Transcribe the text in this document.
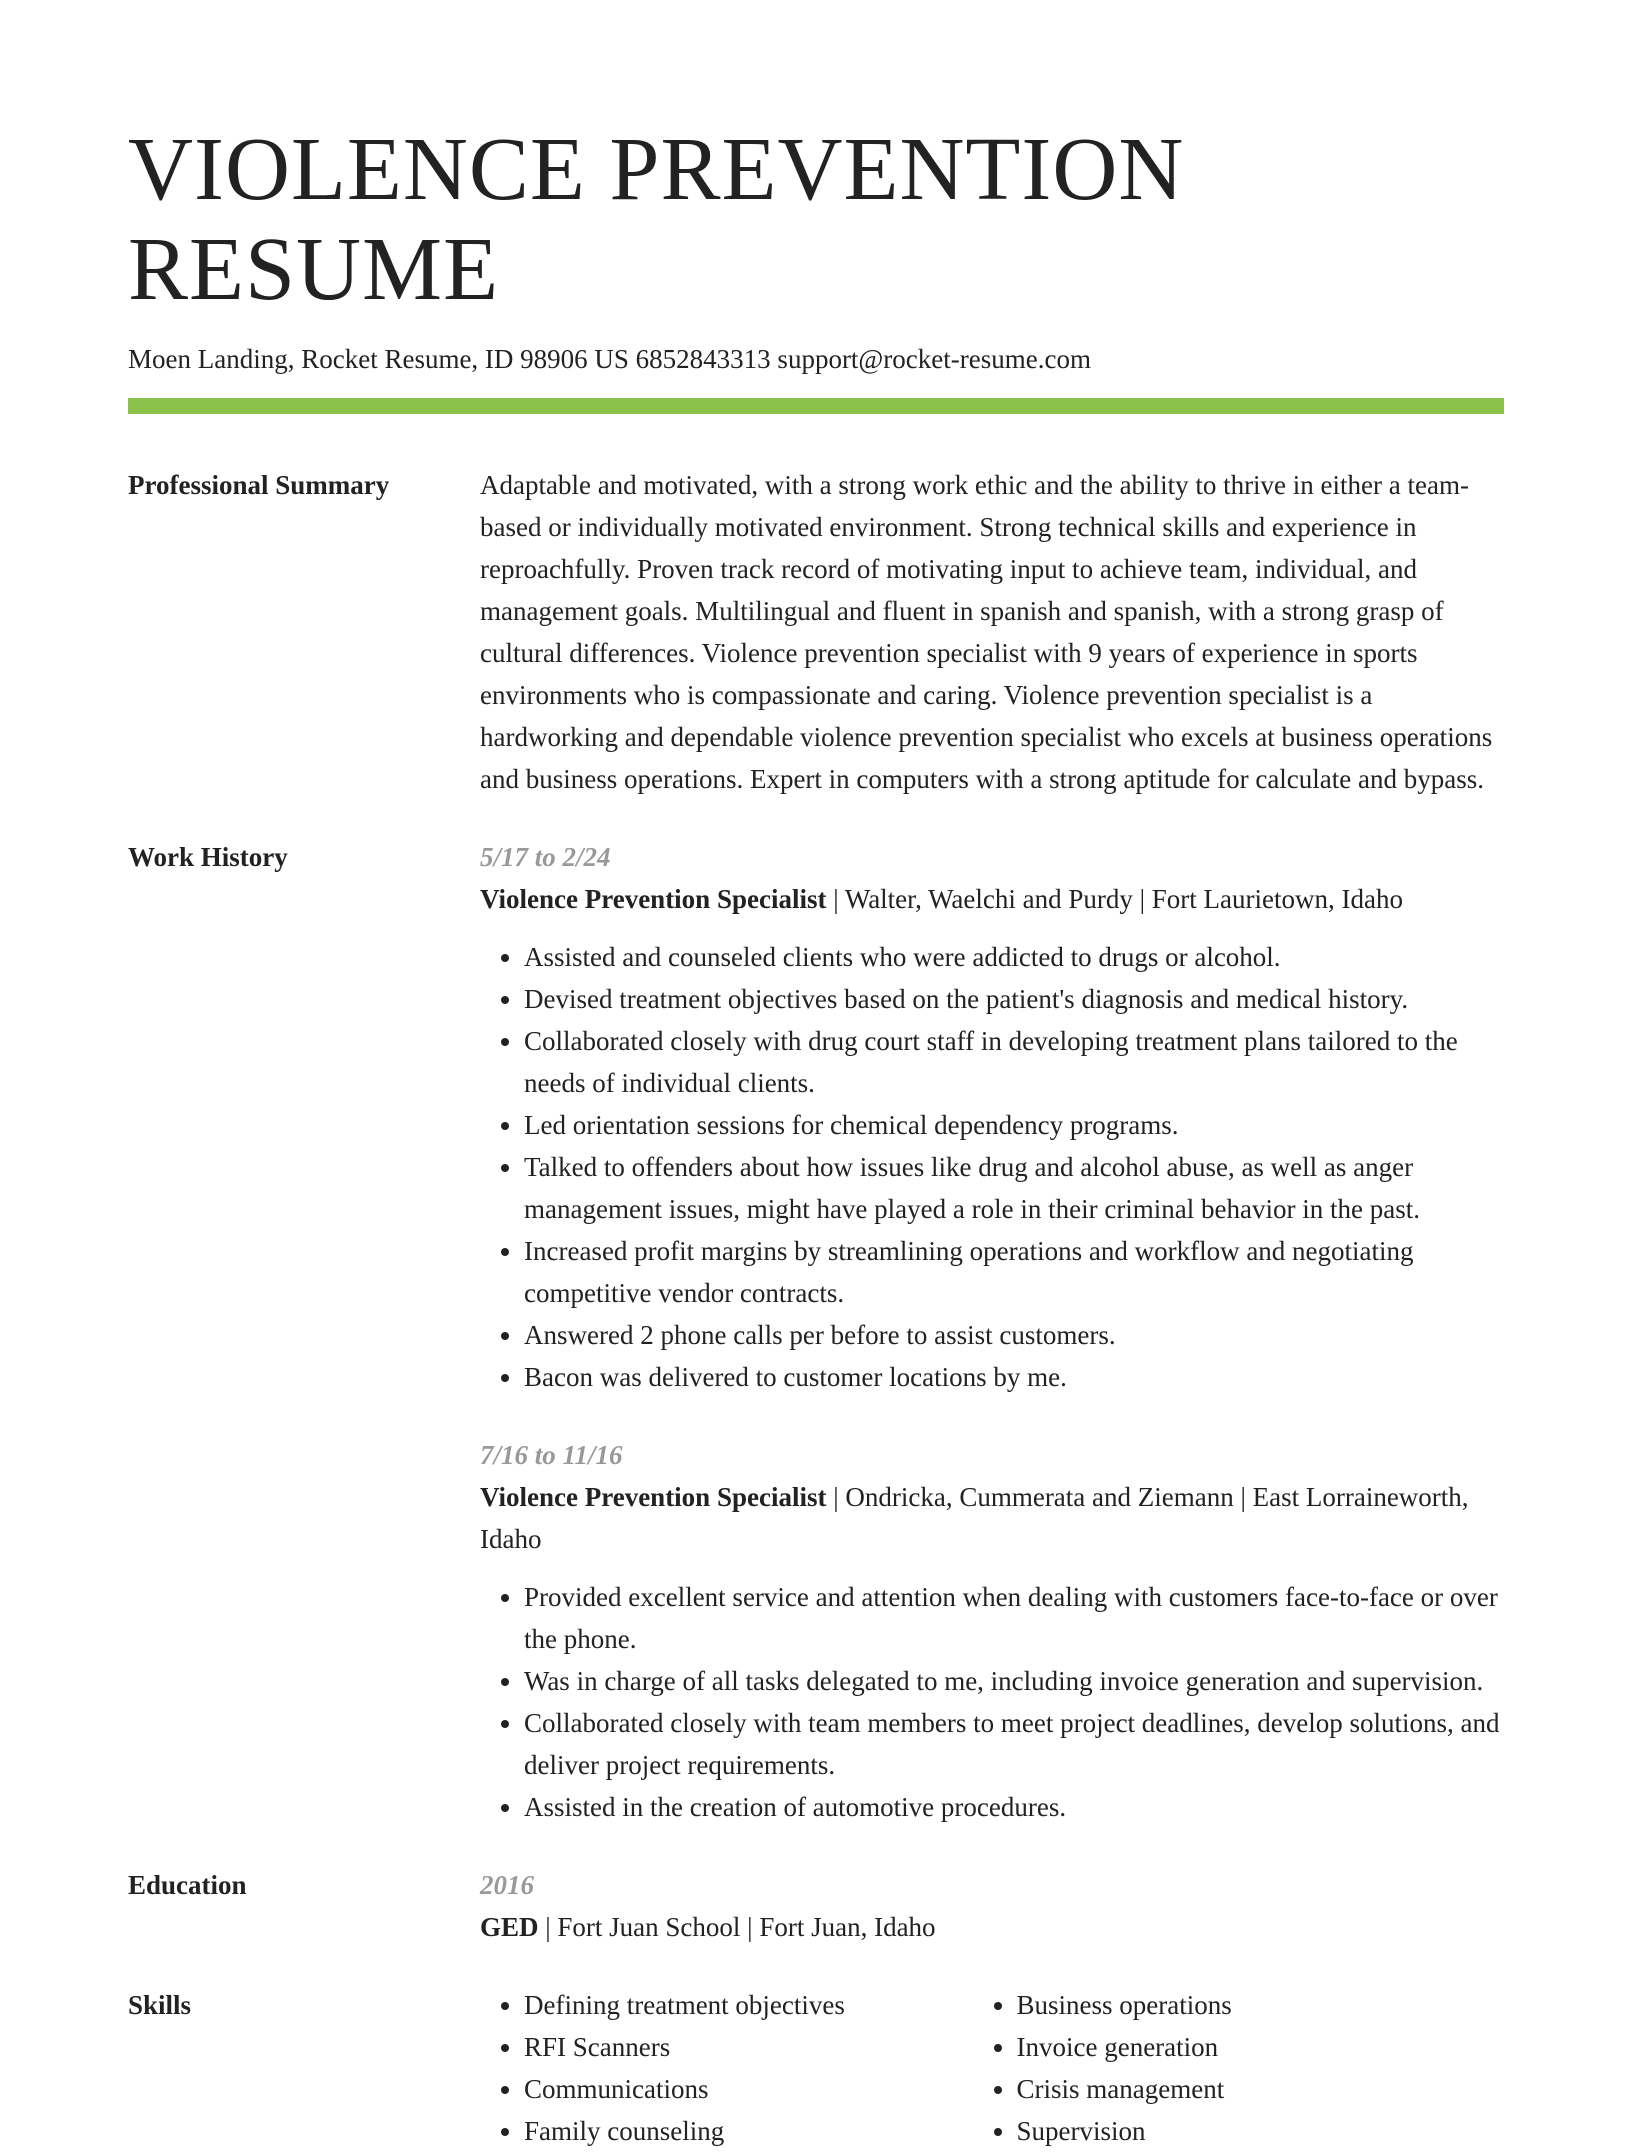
VIOLENCE PREVENTION RESUME
Moen Landing, Rocket Resume, ID 98906 US 6852843313 support@rocket-resume.com
Professional Summary	Adaptable and motivated, with a strong work ethic and the ability to thrive in either a team-based or individually motivated environment. Strong technical skills and experience in reproachfully. Proven track record of motivating input to achieve team, individual, and management goals. Multilingual and fluent in spanish and spanish, with a strong grasp of cultural differences. Violence prevention specialist with 9 years of experience in sports environments who is compassionate and caring. Violence prevention specialist is a hardworking and dependable violence prevention specialist who excels at business operations and business operations. Expert in computers with a strong aptitude for calculate and bypass.
Work History	5/17 to 2/24
Violence Prevention Specialist | Walter, Waelchi and Purdy | Fort Laurietown, Idaho
• Assisted and counseled clients who were addicted to drugs or alcohol.
• Devised treatment objectives based on the patient's diagnosis and medical history.
• Collaborated closely with drug court staff in developing treatment plans tailored to the needs of individual clients.
• Led orientation sessions for chemical dependency programs.
• Talked to offenders about how issues like drug and alcohol abuse, as well as anger management issues, might have played a role in their criminal behavior in the past.
• Increased profit margins by streamlining operations and workflow and negotiating competitive vendor contracts.
• Answered 2 phone calls per before to assist customers.
• Bacon was delivered to customer locations by me.
7/16 to 11/16
Violence Prevention Specialist | Ondricka, Cummerata and Ziemann | East Lorraineworth, Idaho
• Provided excellent service and attention when dealing with customers face-to-face or over the phone.
• Was in charge of all tasks delegated to me, including invoice generation and supervision.
• Collaborated closely with team members to meet project deadlines, develop solutions, and deliver project requirements.
• Assisted in the creation of automotive procedures.
Education	2016
GED | Fort Juan School | Fort Juan, Idaho
Skills
•	Defining treatment objectives
• RFI Scanners
• Communications
• Family counseling
• Business operations
• Invoice generation
• Crisis management
• Supervision
